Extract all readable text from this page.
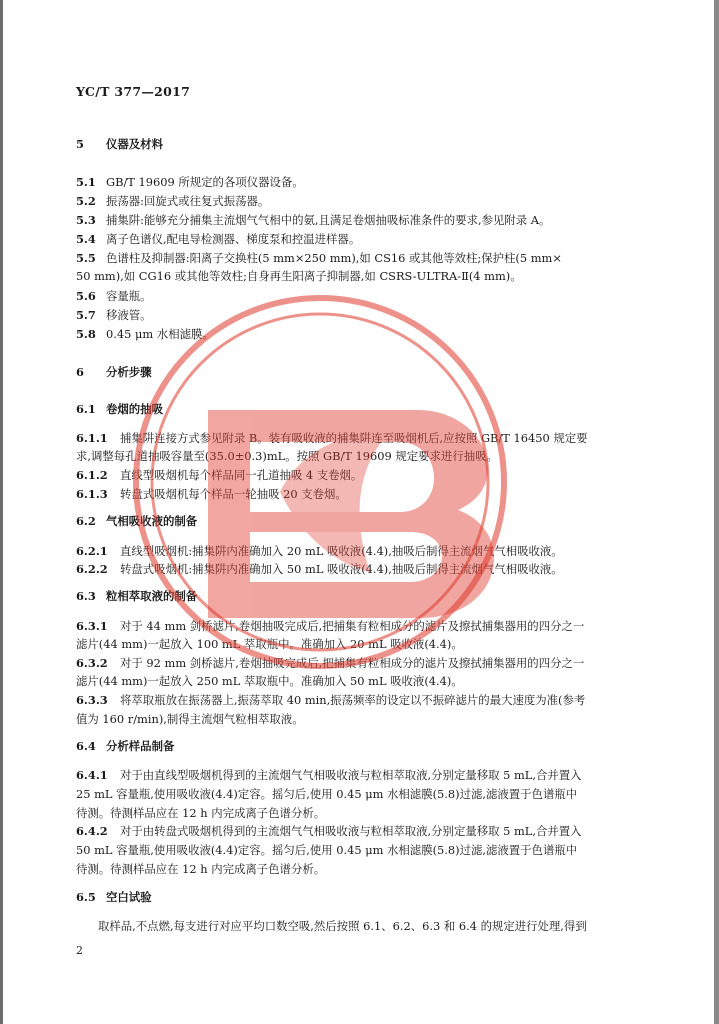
YC/T 377—2017
5 仪器及材料
5.1 GB/T 19609 所规定的各项仪器设备。
5.2 振荡器:回旋式或往复式振荡器。
5.3 捕集阱:能够充分捕集主流烟气气相中的氨,且满足卷烟抽吸标准条件的要求,参见附录 A。
5.4 离子色谱仪,配电导检测器、梯度泵和控温进样器。
5.5 色谱柱及抑制器:阳离子交换柱(5 mm×250 mm),如 CS16 或其他等效柱;保护柱(5 mm×
50 mm),如 CG16 或其他等效柱;自身再生阳离子抑制器,如 CSRS-ULTRA-Ⅱ(4 mm)。
5.6 容量瓶。
5.7 移液管。
5.8 0.45 μm 水相滤膜。
6 分析步骤
6.1 卷烟的抽吸
6.1.1 捕集阱连接方式参见附录 B。装有吸收液的捕集阱连至吸烟机后,应按照 GB/T 16450 规定要
求,调整每孔道抽吸容量至(35.0±0.3)mL。按照 GB/T 19609 规定要求进行抽吸。
6.1.2 直线型吸烟机每个样品同一孔道抽吸 4 支卷烟。
6.1.3 转盘式吸烟机每个样品一轮抽吸 20 支卷烟。
6.2 气相吸收液的制备
6.2.1 直线型吸烟机:捕集阱内准确加入 20 mL 吸收液(4.4),抽吸后制得主流烟气气相吸收液。
6.2.2 转盘式吸烟机:捕集阱内准确加入 50 mL 吸收液(4.4),抽吸后制得主流烟气气相吸收液。
6.3 粒相萃取液的制备
6.3.1 对于 44 mm 剑桥滤片,卷烟抽吸完成后,把捕集有粒相成分的滤片及擦拭捕集器用的四分之一
滤片(44 mm)一起放入 100 mL 萃取瓶中。准确加入 20 mL 吸收液(4.4)。
6.3.2 对于 92 mm 剑桥滤片,卷烟抽吸完成后,把捕集有粒相成分的滤片及擦拭捕集器用的四分之一
滤片(44 mm)一起放入 250 mL 萃取瓶中。准确加入 50 mL 吸收液(4.4)。
6.3.3 将萃取瓶放在振荡器上,振荡萃取 40 min,振荡频率的设定以不振碎滤片的最大速度为准(参考
值为 160 r/min),制得主流烟气粒相萃取液。
6.4 分析样品制备
6.4.1 对于由直线型吸烟机得到的主流烟气气相吸收液与粒相萃取液,分别定量移取 5 mL,合并置入
25 mL 容量瓶,使用吸收液(4.4)定容。摇匀后,使用 0.45 μm 水相滤膜(5.8)过滤,滤液置于色谱瓶中
待测。待测样品应在 12 h 内完成离子色谱分析。
6.4.2 对于由转盘式吸烟机得到的主流烟气气相吸收液与粒相萃取液,分别定量移取 5 mL,合并置入
50 mL 容量瓶,使用吸收液(4.4)定容。摇匀后,使用 0.45 μm 水相滤膜(5.8)过滤,滤液置于色谱瓶中
待测。待测样品应在 12 h 内完成离子色谱分析。
6.5 空白试验
取样品,不点燃,每支进行对应平均口数空吸,然后按照 6.1、6.2、6.3 和 6.4 的规定进行处理,得到
2
